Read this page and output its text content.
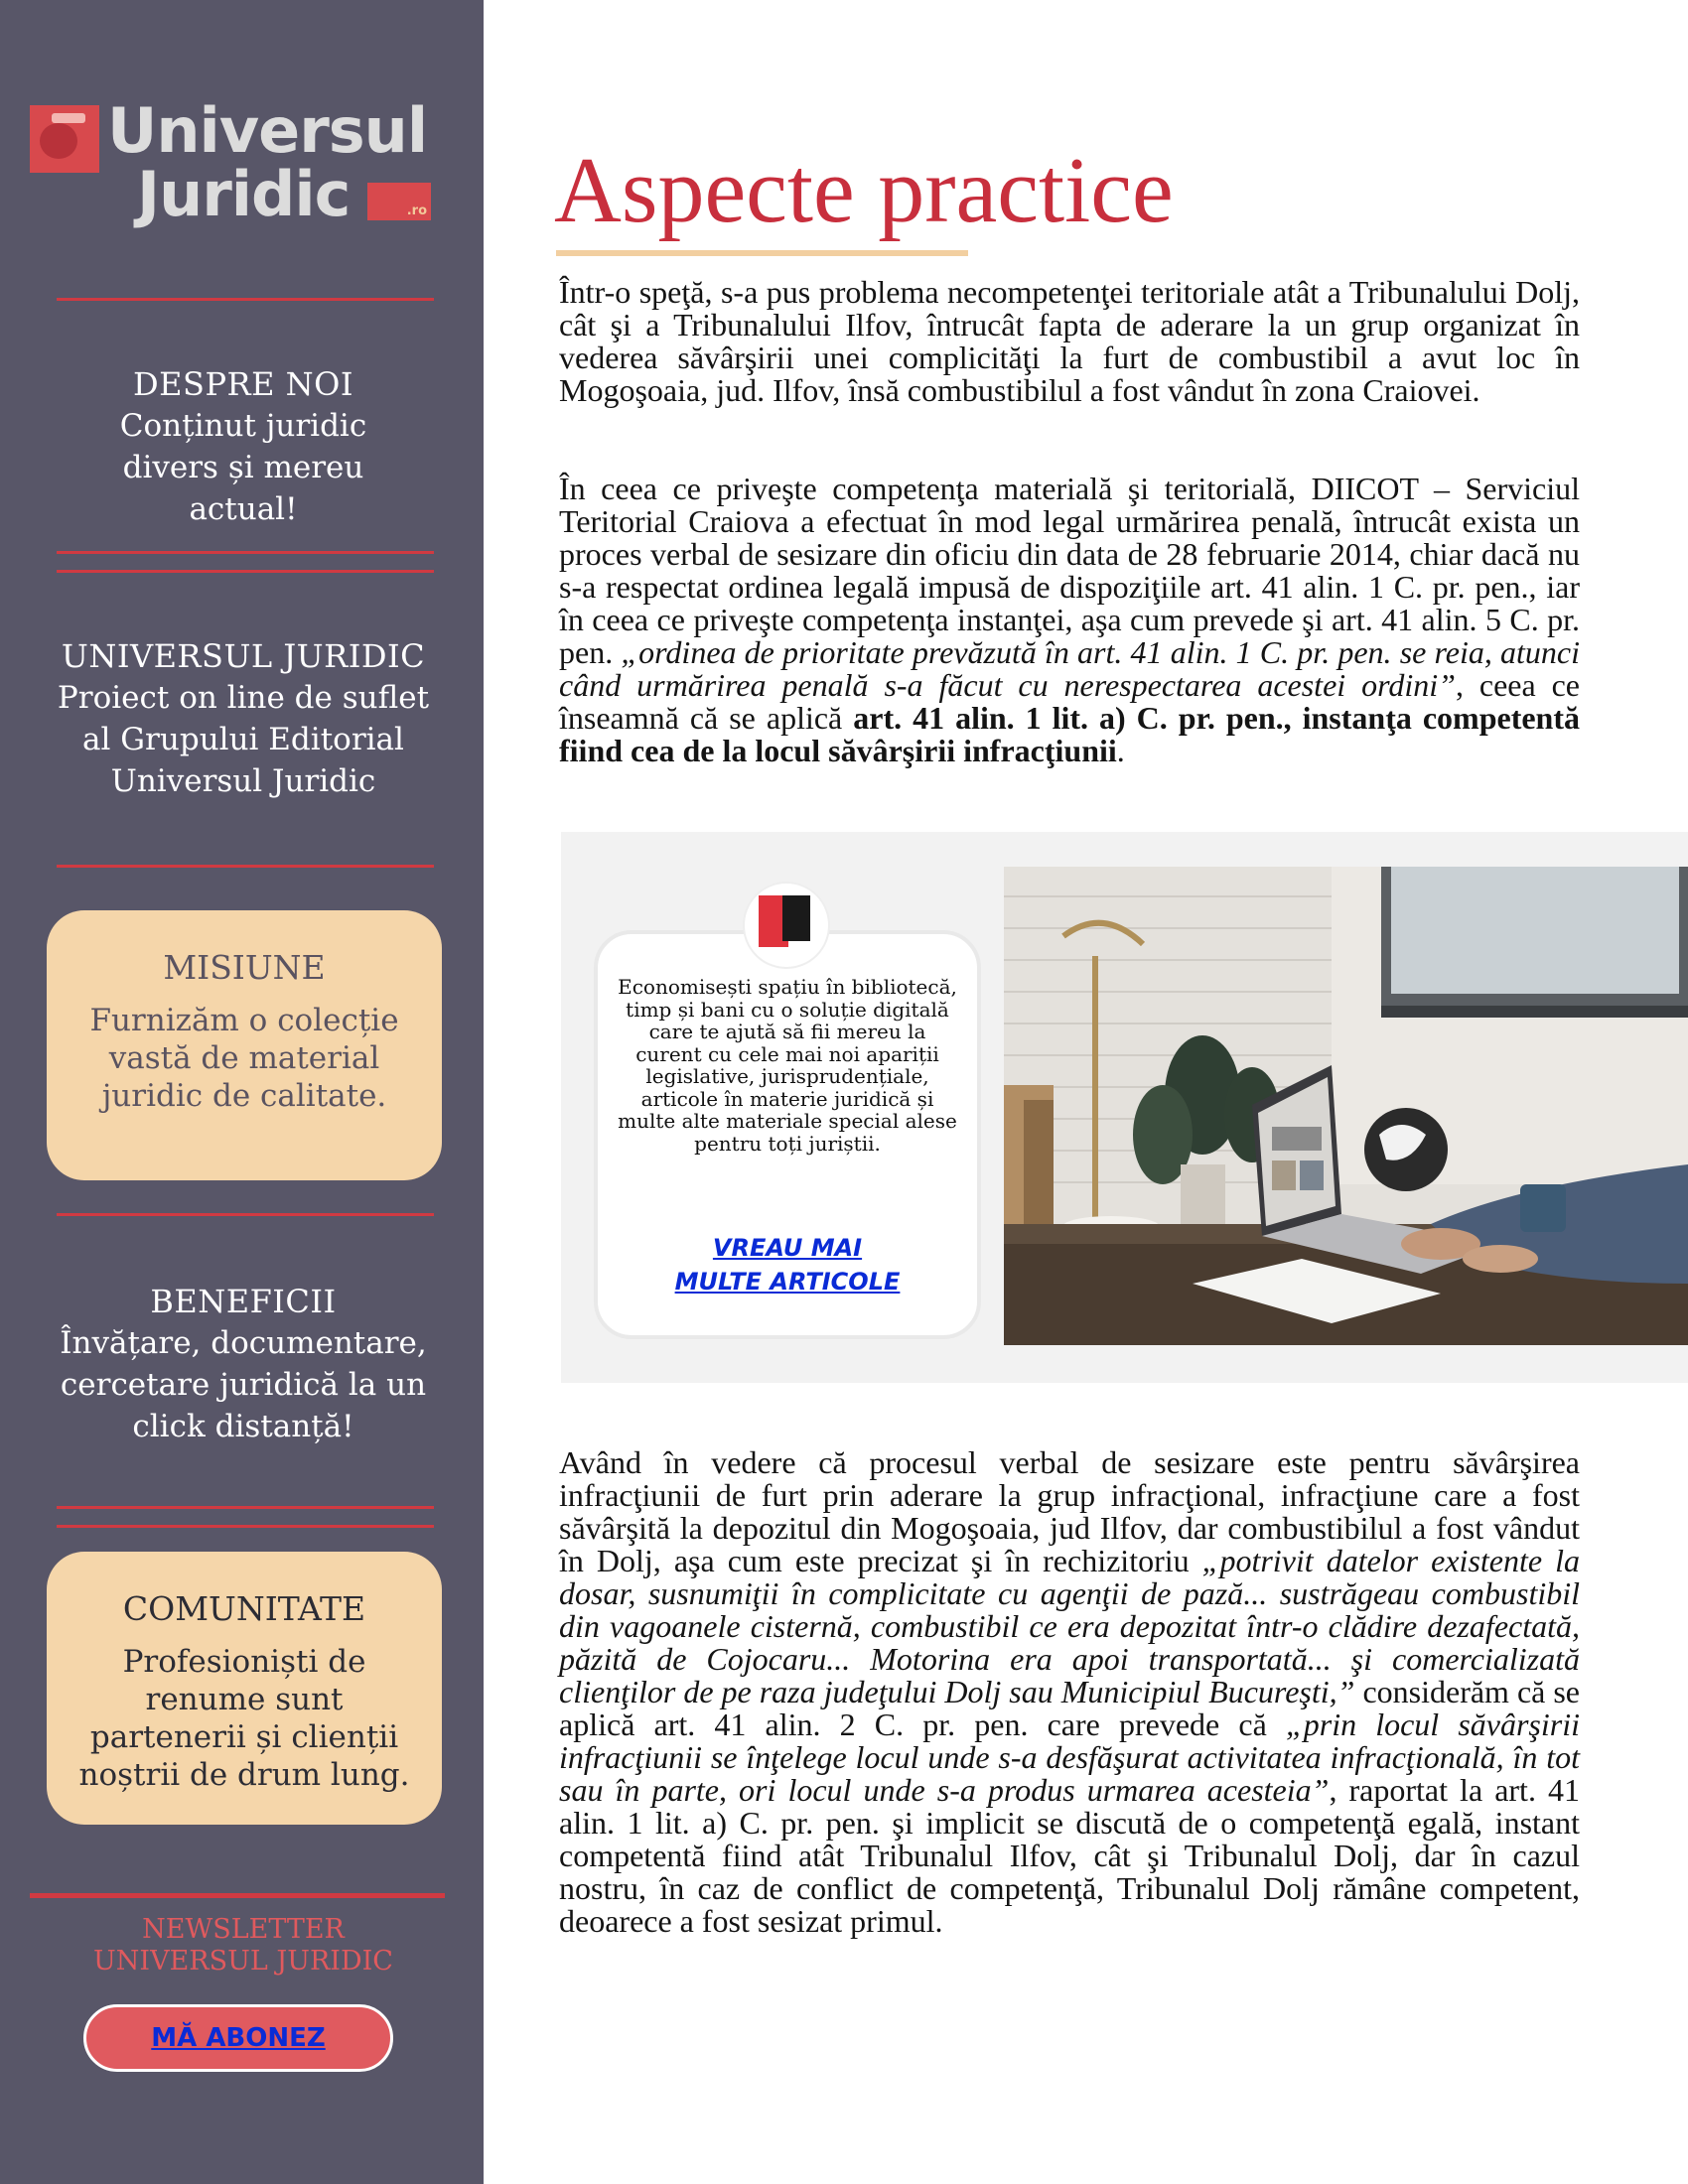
Universul
Juridic	.ro
DESPRE NOI
Conținut juridic divers și mereu actual!
UNIVERSUL JURIDIC
Proiect on line de suflet al Grupului Editorial Universul Juridic
MISIUNE
Furnizăm o colecție vastă de material juridic de calitate.
BENEFICII
Învățare, documentare, cercetare juridică la un click distanță!
COMUNITATE
Profesioniști de renume sunt partenerii și clienții noștrii de drum lung.
NEWSLETTER
UNIVERSUL JURIDIC
MĂ ABONEZ
Aspecte practice

Într-o speţă, s-a pus problema necompetenţei teritoriale atât a Tribunalului Dolj, cât şi a Tribunalului Ilfov, întrucât fapta de aderare la un grup organizat în vederea săvârşirii unei complicităţi la furt de combustibil a avut loc în Mogoşoaia, jud. Ilfov, însă combustibilul a fost vândut în zona Craiovei.

În ceea ce priveşte competenţa materială şi teritorială, DIICOT – Serviciul Teritorial Craiova a efectuat în mod legal urmărirea penală, întrucât exista un proces verbal de sesizare din oficiu din data de 28 februarie 2014, chiar dacă nu s-a respectat ordinea legală impusă de dispoziţiile art. 41 alin. 1 C. pr. pen., iar în ceea ce priveşte competenţa instanţei, aşa cum prevede şi art. 41 alin. 5 C. pr. pen. „ordinea de prioritate prevăzută în art. 41 alin. 1 C. pr. pen. se reia, atunci când urmărirea penală s-a făcut cu nerespectarea acestei ordini”, ceea ce înseamnă că se aplică art. 41 alin. 1 lit. a) C. pr. pen., instanţa competentă fiind cea de la locul săvârşirii infracţiunii.

Economisești spațiu în bibliotecă, timp și bani cu o soluție digitală care te ajută să fii mereu la curent cu cele mai noi apariții legislative, jurisprudențiale, articole în materie juridică și multe alte materiale special alese pentru toți juriștii.
VREAU MAI
MULTE ARTICOLE

Având în vedere că procesul verbal de sesizare este pentru săvârşirea infracţiunii de furt prin aderare la grup infracţional, infracţiune care a fost săvârşită la depozitul din Mogoşoaia, jud Ilfov, dar combustibilul a fost vândut în Dolj, aşa cum este precizat şi în rechizitoriu „potrivit datelor existente la dosar, susnumiţii în complicitate cu agenţii de pază... sustrăgeau combustibil din vagoanele cisternă, combustibil ce era depozitat într-o clădire dezafectată, păzită de Cojocaru... Motorina era apoi transportată... şi comercializată clienţilor de pe raza judeţului Dolj sau Municipiul Bucureşti,” considerăm că se aplică art. 41 alin. 2 C. pr. pen. care prevede că „prin locul săvârşirii infracţiunii se înţelege locul unde s-a desfăşurat activitatea infracţională, în tot sau în parte, ori locul unde s-a produs urmarea acesteia”, raportat la art. 41 alin. 1 lit. a) C. pr. pen. şi implicit se discută de o competenţă egală, instant competentă fiind atât Tribunalul Ilfov, cât şi Tribunalul Dolj, dar în cazul nostru, în caz de conflict de competenţă, Tribunalul Dolj rămâne competent, deoarece a fost sesizat primul.
